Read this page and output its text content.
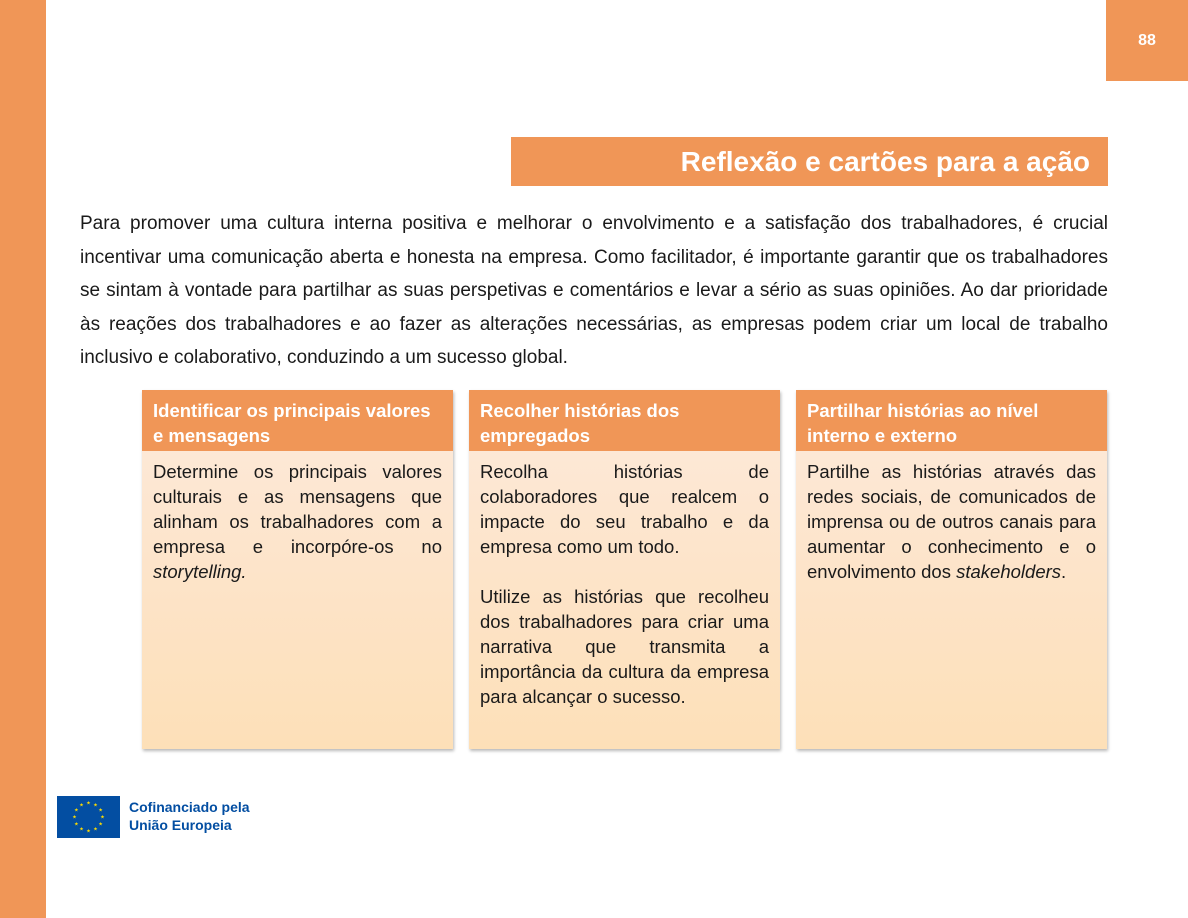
88
Reflexão e cartões para a ação
Para promover uma cultura interna positiva e melhorar o envolvimento e a satisfação dos trabalhadores, é crucial incentivar uma comunicação aberta e honesta na empresa. Como facilitador, é importante garantir que os trabalhadores se sintam à vontade para partilhar as suas perspetivas e comentários e levar a sério as suas opiniões. Ao dar prioridade às reações dos trabalhadores e ao fazer as alterações necessárias, as empresas podem criar um local de trabalho inclusivo e colaborativo, conduzindo a um sucesso global.
Identificar os principais valores e mensagens

Determine os principais valores culturais e as mensagens que alinham os trabalhadores com a empresa e incorpóre-os no storytelling.

Recolher histórias dos empregados

Recolha histórias de colaboradores que realcem o impacte do seu trabalho e da empresa como um todo.

Utilize as histórias que recolheu dos trabalhadores para criar uma narrativa que transmita a importância da cultura da empresa para alcançar o sucesso.

Partilhar histórias ao nível interno e externo

Partilhe as histórias através das redes sociais, de comunicados de imprensa ou de outros canais para aumentar o conhecimento e o envolvimento dos stakeholders.

★ ★
★
★
★
★
★
★
★
★
★
★	Cofinanciado pela
União Europeia
